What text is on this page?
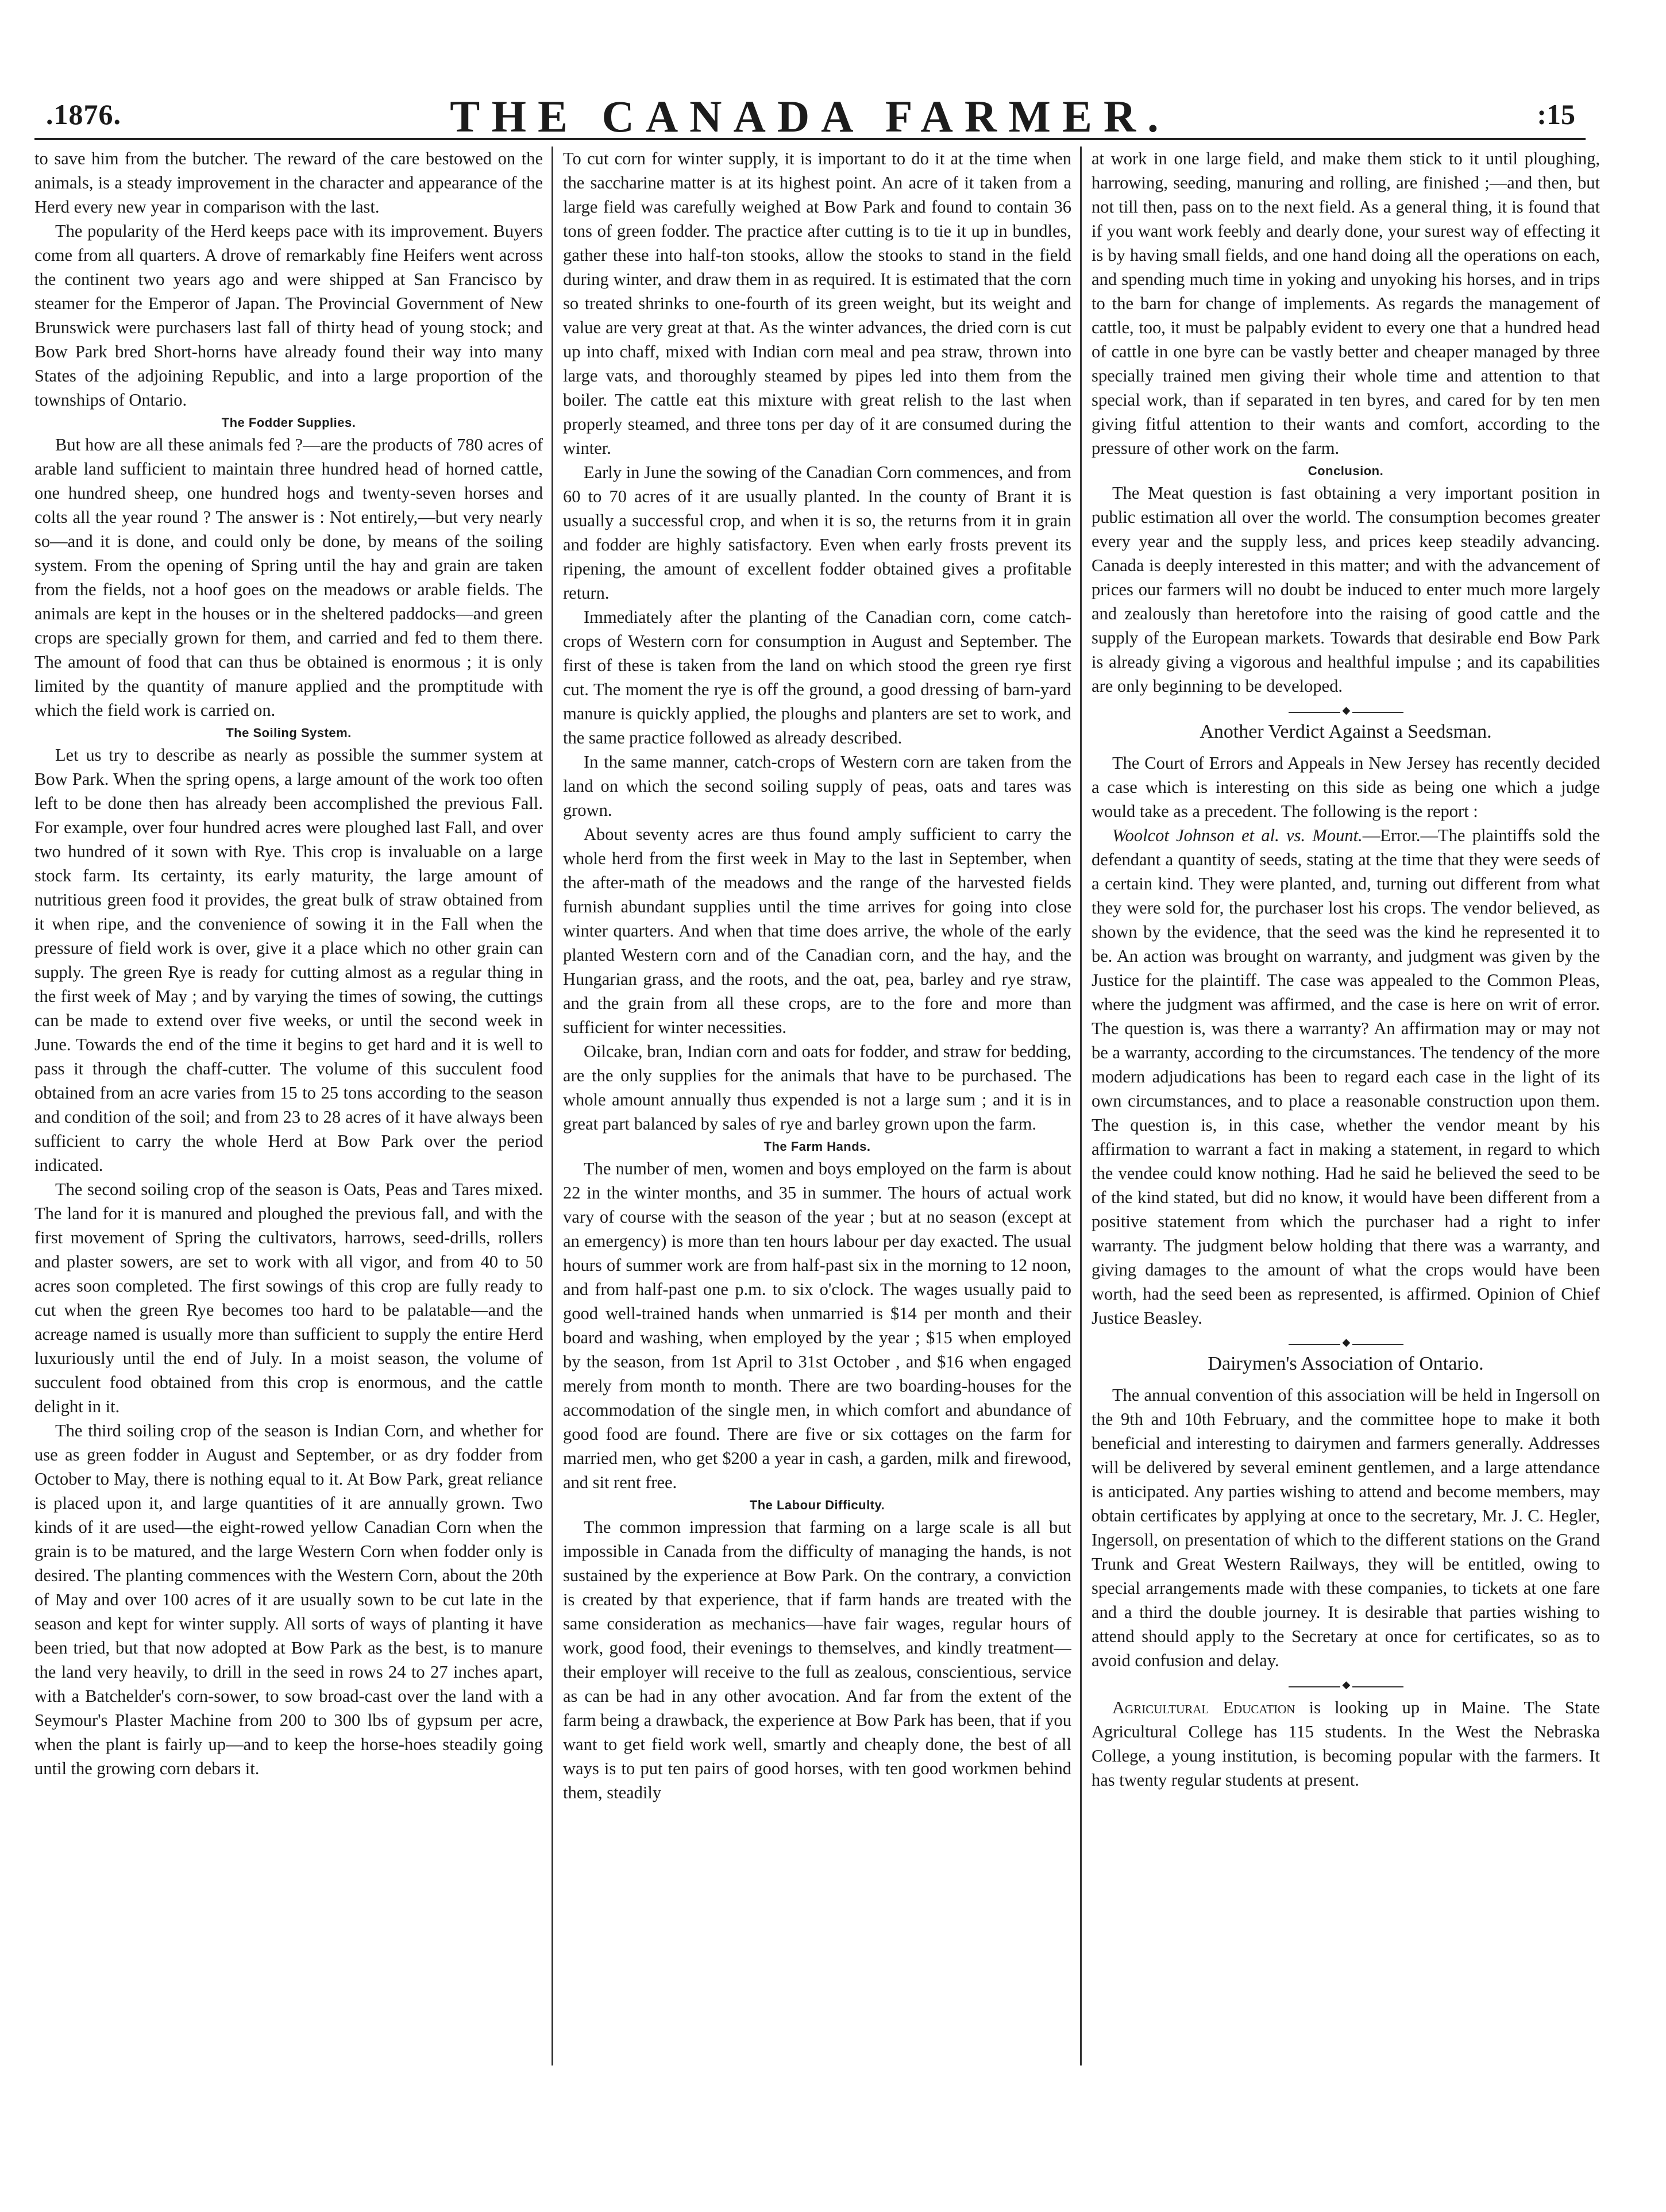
.1876.	THE CANADA FARMER.	:15

to save him from the butcher. The reward of the care bestowed on the animals, is a steady improvement in the character and appearance of the Herd every new year in comparison with the last.

The popularity of the Herd keeps pace with its improvement. Buyers come from all quarters. A drove of remarkably fine Heifers went across the continent two years ago and were shipped at San Francisco by steamer for the Emperor of Japan. The Provincial Government of New Brunswick were purchasers last fall of thirty head of young stock; and Bow Park bred Short-horns have already found their way into many States of the adjoining Republic, and into a large proportion of the townships of Ontario.

The Fodder Supplies.

But how are all these animals fed ?—are the products of 780 acres of arable land sufficient to maintain three hundred head of horned cattle, one hundred sheep, one hundred hogs and twenty-seven horses and colts all the year round ? The answer is : Not entirely,—but very nearly so—and it is done, and could only be done, by means of the soiling system. From the opening of Spring until the hay and grain are taken from the fields, not a hoof goes on the meadows or arable fields. The animals are kept in the houses or in the sheltered paddocks—and green crops are specially grown for them, and carried and fed to them there. The amount of food that can thus be obtained is enormous ; it is only limited by the quantity of manure applied and the promptitude with which the field work is carried on.

The Soiling System.

Let us try to describe as nearly as possible the summer system at Bow Park. When the spring opens, a large amount of the work too often left to be done then has already been accomplished the previous Fall. For example, over four hundred acres were ploughed last Fall, and over two hundred of it sown with Rye. This crop is invaluable on a large stock farm. Its certainty, its early maturity, the large amount of nutritious green food it provides, the great bulk of straw obtained from it when ripe, and the convenience of sowing it in the Fall when the pressure of field work is over, give it a place which no other grain can supply. The green Rye is ready for cutting almost as a regular thing in the first week of May ; and by varying the times of sowing, the cuttings can be made to extend over five weeks, or until the second week in June. Towards the end of the time it begins to get hard and it is well to pass it through the chaff-cutter. The volume of this succulent food obtained from an acre varies from 15 to 25 tons according to the season and condition of the soil; and from 23 to 28 acres of it have always been sufficient to carry the whole Herd at Bow Park over the period indicated.

The second soiling crop of the season is Oats, Peas and Tares mixed. The land for it is manured and ploughed the previous fall, and with the first movement of Spring the cultivators, harrows, seed-drills, rollers and plaster sowers, are set to work with all vigor, and from 40 to 50 acres soon completed. The first sowings of this crop are fully ready to cut when the green Rye becomes too hard to be palatable—and the acreage named is usually more than sufficient to supply the entire Herd luxuriously until the end of July. In a moist season, the volume of succulent food obtained from this crop is enormous, and the cattle delight in it.

The third soiling crop of the season is Indian Corn, and whether for use as green fodder in August and September, or as dry fodder from October to May, there is nothing equal to it. At Bow Park, great reliance is placed upon it, and large quantities of it are annually grown. Two kinds of it are used—the eight-rowed yellow Canadian Corn when the grain is to be matured, and the large Western Corn when fodder only is desired. The planting commences with the Western Corn, about the 20th of May and over 100 acres of it are usually sown to be cut late in the season and kept for winter supply. All sorts of ways of planting it have been tried, but that now adopted at Bow Park as the best, is to manure the land very heavily, to drill in the seed in rows 24 to 27 inches apart, with a Batchelder's corn-sower, to sow broad-cast over the land with a Seymour's Plaster Machine from 200 to 300 lbs of gypsum per acre, when the plant is fairly up—and to keep the horse-hoes steadily going until the growing corn debars it.

To cut corn for winter supply, it is important to do it at the time when the saccharine matter is at its highest point. An acre of it taken from a large field was carefully weighed at Bow Park and found to contain 36 tons of green fodder. The practice after cutting is to tie it up in bundles, gather these into half-ton stooks, allow the stooks to stand in the field during winter, and draw them in as required. It is estimated that the corn so treated shrinks to one-fourth of its green weight, but its weight and value are very great at that. As the winter advances, the dried corn is cut up into chaff, mixed with Indian corn meal and pea straw, thrown into large vats, and thoroughly steamed by pipes led into them from the boiler. The cattle eat this mixture with great relish to the last when properly steamed, and three tons per day of it are consumed during the winter.

Early in June the sowing of the Canadian Corn commences, and from 60 to 70 acres of it are usually planted. In the county of Brant it is usually a successful crop, and when it is so, the returns from it in grain and fodder are highly satisfactory. Even when early frosts prevent its ripening, the amount of excellent fodder obtained gives a profitable return.

Immediately after the planting of the Canadian corn, come catch-crops of Western corn for consumption in August and September. The first of these is taken from the land on which stood the green rye first cut. The moment the rye is off the ground, a good dressing of barn-yard manure is quickly applied, the ploughs and planters are set to work, and the same practice followed as already described.

In the same manner, catch-crops of Western corn are taken from the land on which the second soiling supply of peas, oats and tares was grown.

About seventy acres are thus found amply sufficient to carry the whole herd from the first week in May to the last in September, when the after-math of the meadows and the range of the harvested fields furnish abundant supplies until the time arrives for going into close winter quarters. And when that time does arrive, the whole of the early planted Western corn and of the Canadian corn, and the hay, and the Hungarian grass, and the roots, and the oat, pea, barley and rye straw, and the grain from all these crops, are to the fore and more than sufficient for winter necessities.

Oilcake, bran, Indian corn and oats for fodder, and straw for bedding, are the only supplies for the animals that have to be purchased. The whole amount annually thus expended is not a large sum ; and it is in great part balanced by sales of rye and barley grown upon the farm.

The Farm Hands.

The number of men, women and boys employed on the farm is about 22 in the winter months, and 35 in summer. The hours of actual work vary of course with the season of the year ; but at no season (except at an emergency) is more than ten hours labour per day exacted. The usual hours of summer work are from half-past six in the morning to 12 noon, and from half-past one p.m. to six o'clock. The wages usually paid to good well-trained hands when unmarried is $14 per month and their board and washing, when employed by the year ; $15 when employed by the season, from 1st April to 31st October , and $16 when engaged merely from month to month. There are two boarding-houses for the accommodation of the single men, in which comfort and abundance of good food are found. There are five or six cottages on the farm for married men, who get $200 a year in cash, a garden, milk and firewood, and sit rent free.

The Labour Difficulty.

The common impression that farming on a large scale is all but impossible in Canada from the difficulty of managing the hands, is not sustained by the experience at Bow Park. On the contrary, a conviction is created by that experience, that if farm hands are treated with the same consideration as mechanics—have fair wages, regular hours of work, good food, their evenings to themselves, and kindly treatment—their employer will receive to the full as zealous, conscientious, service as can be had in any other avocation. And far from the extent of the farm being a drawback, the experience at Bow Park has been, that if you want to get field work well, smartly and cheaply done, the best of all ways is to put ten pairs of good horses, with ten good workmen behind them, steadily

at work in one large field, and make them stick to it until ploughing, harrowing, seeding, manuring and rolling, are finished ;—and then, but not till then, pass on to the next field. As a general thing, it is found that if you want work feebly and dearly done, your surest way of effecting it is by having small fields, and one hand doing all the operations on each, and spending much time in yoking and unyoking his horses, and in trips to the barn for change of implements. As regards the management of cattle, too, it must be palpably evident to every one that a hundred head of cattle in one byre can be vastly better and cheaper managed by three specially trained men giving their whole time and attention to that special work, than if separated in ten byres, and cared for by ten men giving fitful attention to their wants and comfort, according to the pressure of other work on the farm.

Conclusion.

The Meat question is fast obtaining a very important position in public estimation all over the world. The consumption becomes greater every year and the supply less, and prices keep steadily advancing. Canada is deeply interested in this matter; and with the advancement of prices our farmers will no doubt be induced to enter much more largely and zealously than heretofore into the raising of good cattle and the supply of the European markets. Towards that desirable end Bow Park is already giving a vigorous and healthful impulse ; and its capabilities are only beginning to be developed.

◆
Another Verdict Against a Seedsman.

The Court of Errors and Appeals in New Jersey has recently decided a case which is interesting on this side as being one which a judge would take as a precedent. The following is the report :

Woolcot Johnson et al. vs. Mount.—Error.—The plaintiffs sold the defendant a quantity of seeds, stating at the time that they were seeds of a certain kind. They were planted, and, turning out different from what they were sold for, the purchaser lost his crops. The vendor believed, as shown by the evidence, that the seed was the kind he represented it to be. An action was brought on warranty, and judgment was given by the Justice for the plaintiff. The case was appealed to the Common Pleas, where the judgment was affirmed, and the case is here on writ of error. The question is, was there a warranty? An affirmation may or may not be a warranty, according to the circumstances. The tendency of the more modern adjudications has been to regard each case in the light of its own circumstances, and to place a reasonable construction upon them. The question is, in this case, whether the vendor meant by his affirmation to warrant a fact in making a statement, in regard to which the vendee could know nothing. Had he said he believed the seed to be of the kind stated, but did no know, it would have been different from a positive statement from which the purchaser had a right to infer warranty. The judgment below holding that there was a warranty, and giving damages to the amount of what the crops would have been worth, had the seed been as represented, is affirmed. Opinion of Chief Justice Beasley.

◆
Dairymen's Association of Ontario.

The annual convention of this association will be held in Ingersoll on the 9th and 10th February, and the committee hope to make it both beneficial and interesting to dairymen and farmers generally. Addresses will be delivered by several eminent gentlemen, and a large attendance is anticipated. Any parties wishing to attend and become members, may obtain certificates by applying at once to the secretary, Mr. J. C. Hegler, Ingersoll, on presentation of which to the different stations on the Grand Trunk and Great Western Railways, they will be entitled, owing to special arrangements made with these companies, to tickets at one fare and a third the double journey. It is desirable that parties wishing to attend should apply to the Secretary at once for certificates, so as to avoid confusion and delay.

◆

Agricultural Education is looking up in Maine. The State Agricultural College has 115 students. In the West the Nebraska College, a young institution, is becoming popular with the farmers. It has twenty regular students at present.
